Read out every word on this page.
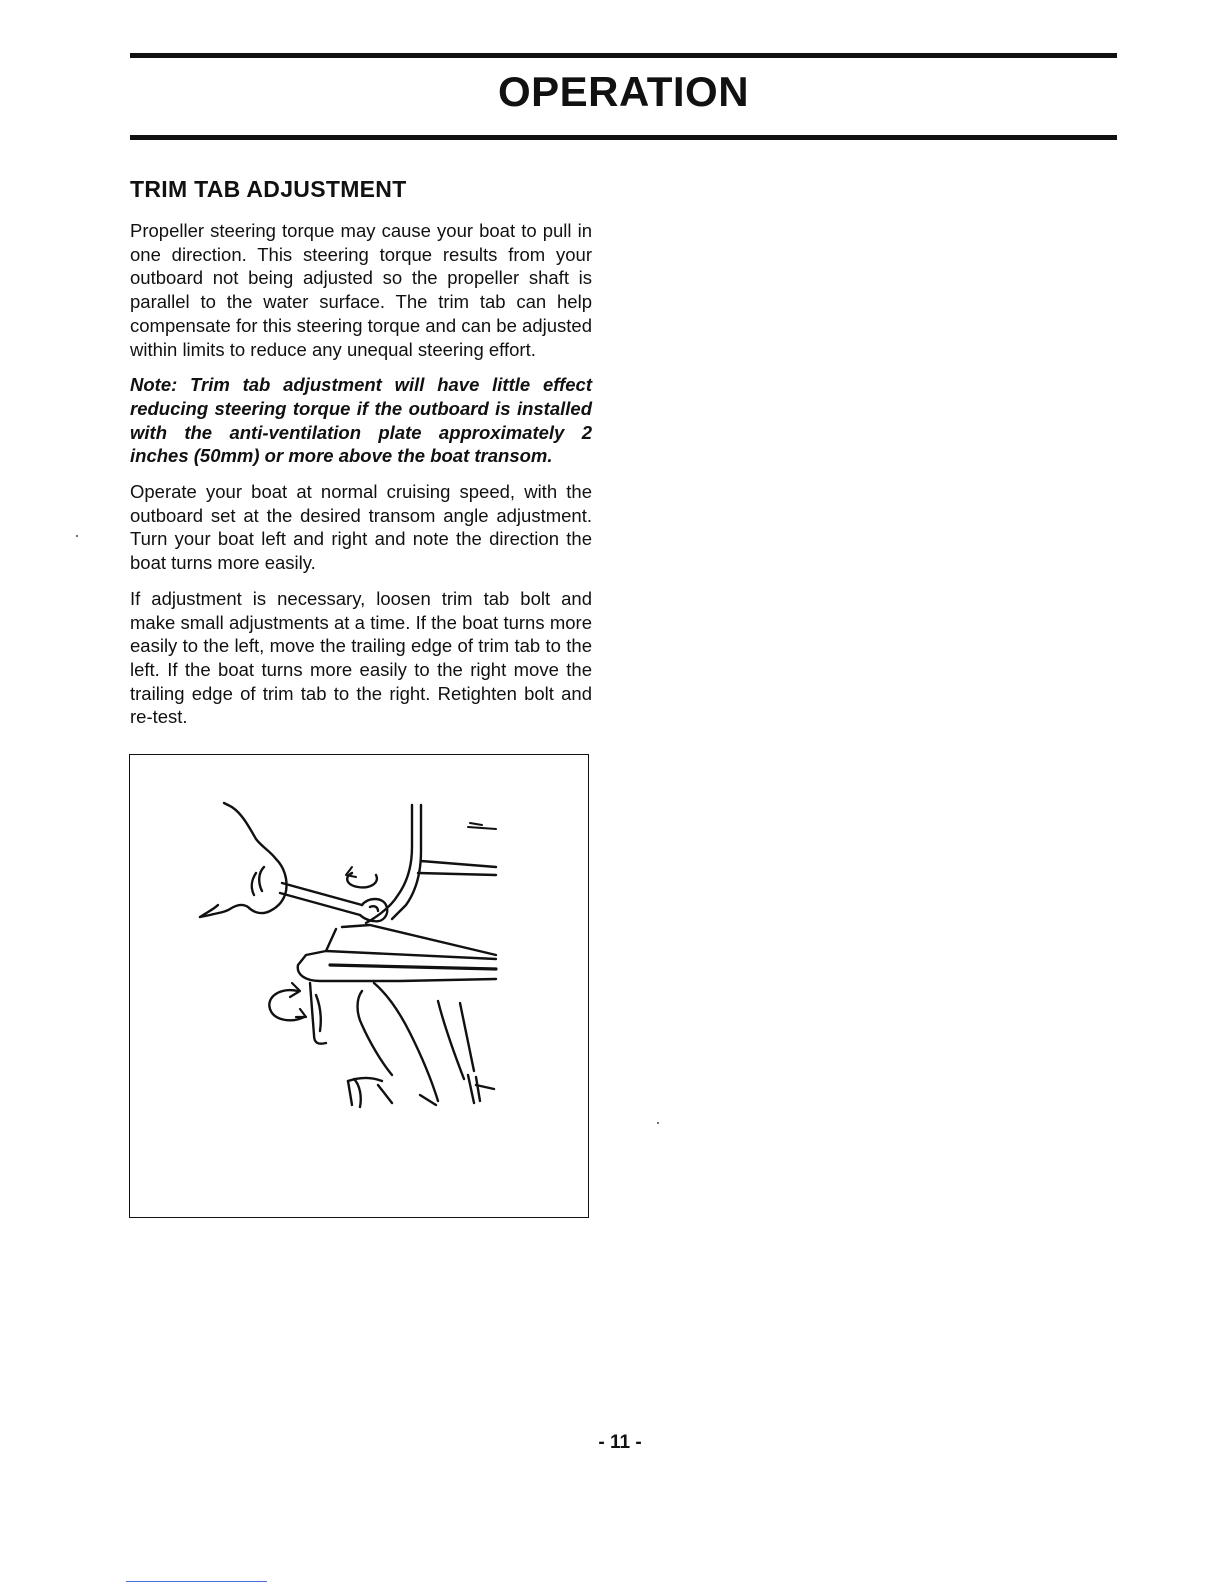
OPERATION
TRIM TAB ADJUSTMENT

Propeller steering torque may cause your boat to pull in one direction. This steering torque results from your outboard not being adjusted so the propeller shaft is parallel to the water surface. The trim tab can help compensate for this steering torque and can be adjusted within limits to reduce any unequal steering effort.

Note: Trim tab adjustment will have little effect reducing steering torque if the outboard is installed with the anti-ventilation plate approximately 2 inches (50mm) or more above the boat transom.

Operate your boat at normal cruising speed, with the outboard set at the desired transom angle adjustment. Turn your boat left and right and note the direction the boat turns more easily.

If adjustment is necessary, loosen trim tab bolt and make small adjustments at a time. If the boat turns more easily to the left, move the trailing edge of trim tab to the left. If the boat turns more easily to the right move the trailing edge of trim tab to the right. Retighten bolt and re-test.

- 11 -
